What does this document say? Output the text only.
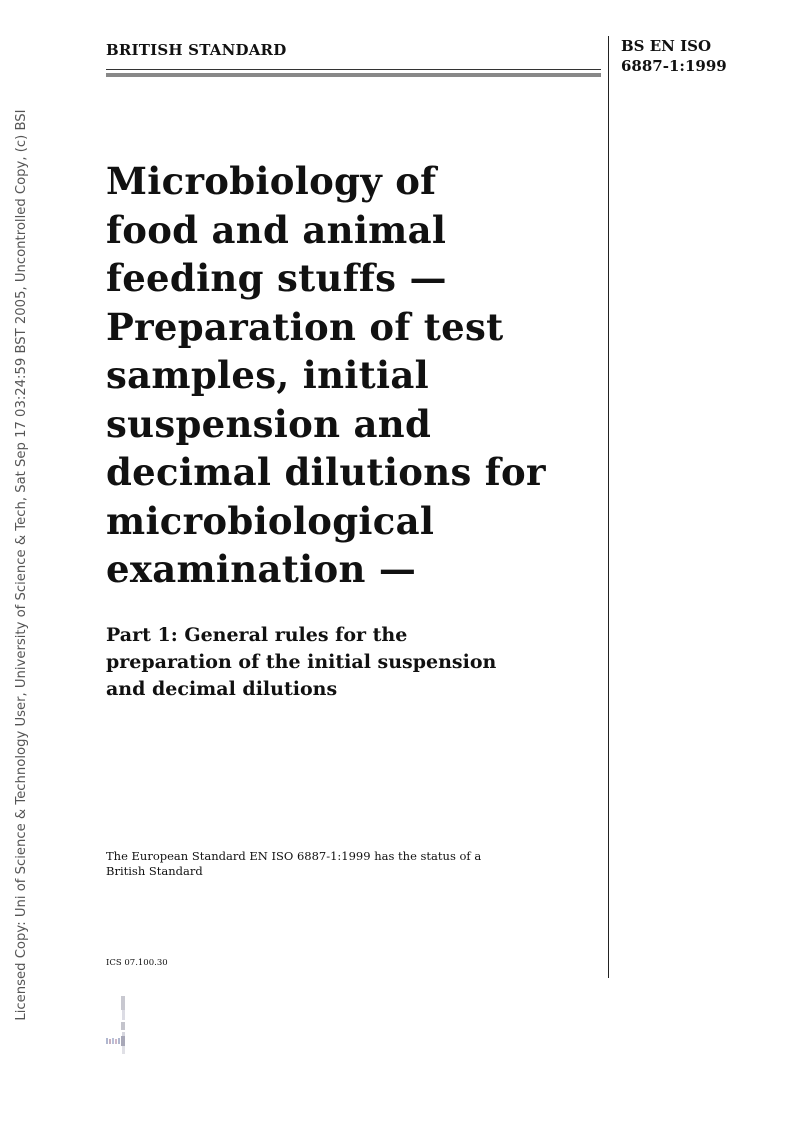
Licensed Copy: Uni of Science & Technology User, University of Science & Tech, Sat Sep 17 03:24:59 BST 2005, Uncontrolled Copy, (c) BSI
BRITISH STANDARD	BS EN ISO
6887-1:1999
Microbiology of
food and animal
feeding stuffs —
Preparation of test
samples, initial
suspension and
decimal dilutions for
microbiological
examination —
Part 1: General rules for the
preparation of the initial suspension
and decimal dilutions
The European Standard EN ISO 6887-1:1999 has the status of a
British Standard
ICS 07.100.30
